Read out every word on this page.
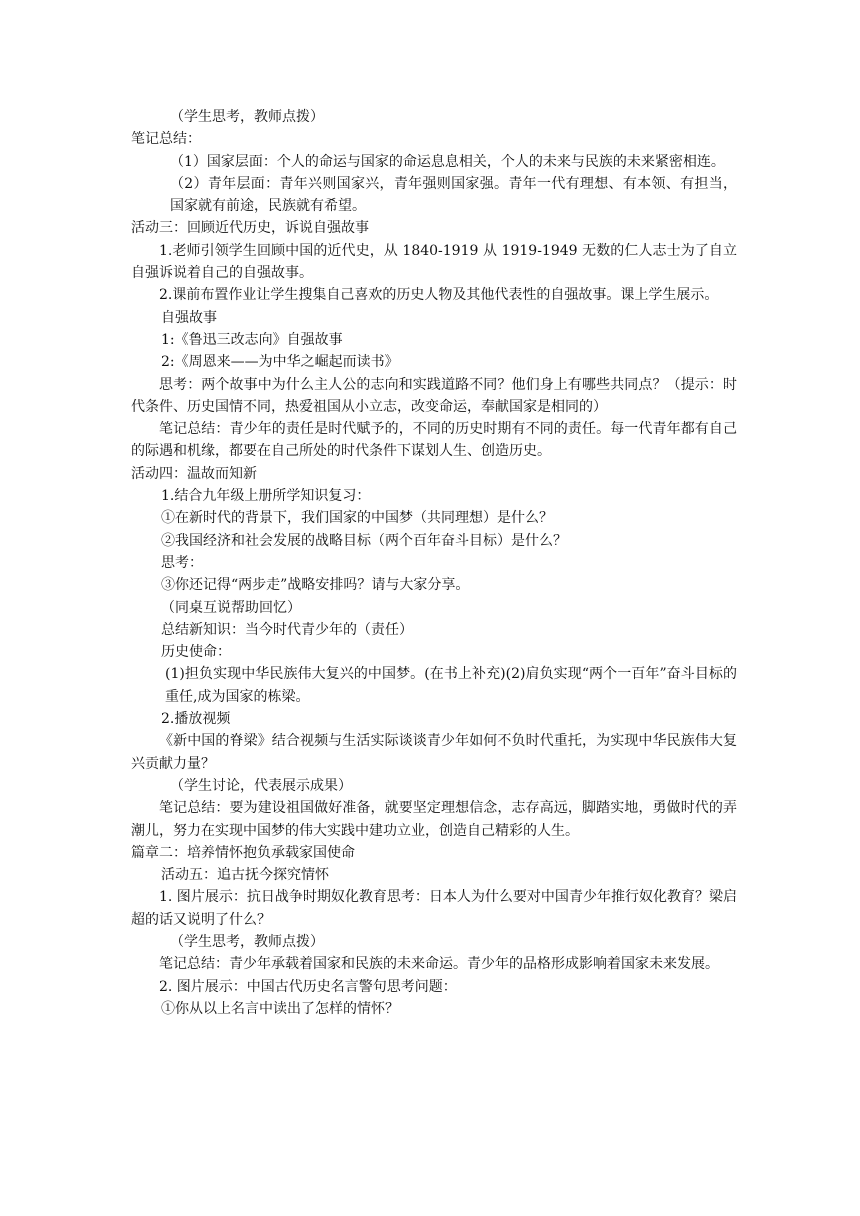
（学生思考，教师点拨）

笔记总结：

（1）国家层面：个人的命运与国家的命运息息相关，个人的未来与民族的未来紧密相连。

（2）青年层面：青年兴则国家兴，青年强则国家强。青年一代有理想、有本领、有担当，国家就有前途，民族就有希望。

活动三：回顾近代历史，诉说自强故事

1.老师引领学生回顾中国的近代史，从 1840-1919 从 1919-1949 无数的仁人志士为了自立自强诉说着自己的自强故事。

2.课前布置作业让学生搜集自己喜欢的历史人物及其他代表性的自强故事。课上学生展示。

自强故事

1:《鲁迅三改志向》自强故事

2:《周恩来——为中华之崛起而读书》

思考：两个故事中为什么主人公的志向和实践道路不同？他们身上有哪些共同点？（提示：时代条件、历史国情不同，热爱祖国从小立志，改变命运，奉献国家是相同的）

笔记总结：青少年的责任是时代赋予的，不同的历史时期有不同的责任。每一代青年都有自己的际遇和机缘，都要在自己所处的时代条件下谋划人生、创造历史。

活动四：温故而知新

1.结合九年级上册所学知识复习：

①在新时代的背景下，我们国家的中国梦（共同理想）是什么？

②我国经济和社会发展的战略目标（两个百年奋斗目标）是什么？

思考：

③你还记得“两步走”战略安排吗？请与大家分享。

（同桌互说帮助回忆）

总结新知识：当今时代青少年的（责任）

历史使命：

(1)担负实现中华民族伟大复兴的中国梦。(在书上补充)(2)肩负实现“两个一百年”奋斗目标的重任,成为国家的栋梁。

2.播放视频

《新中国的脊梁》结合视频与生活实际谈谈青少年如何不负时代重托，为实现中华民族伟大复兴贡献力量？

（学生讨论，代表展示成果）

笔记总结：要为建设祖国做好准备，就要坚定理想信念，志存高远，脚踏实地，勇做时代的弄潮儿，努力在实现中国梦的伟大实践中建功立业，创造自己精彩的人生。

篇章二：培养情怀抱负承载家国使命

活动五：追古抚今探究情怀

1. 图片展示：抗日战争时期奴化教育思考：日本人为什么要对中国青少年推行奴化教育？梁启超的话又说明了什么？

（学生思考，教师点拨）

笔记总结：青少年承载着国家和民族的未来命运。青少年的品格形成影响着国家未来发展。

2. 图片展示：中国古代历史名言警句思考问题：

①你从以上名言中读出了怎样的情怀？
